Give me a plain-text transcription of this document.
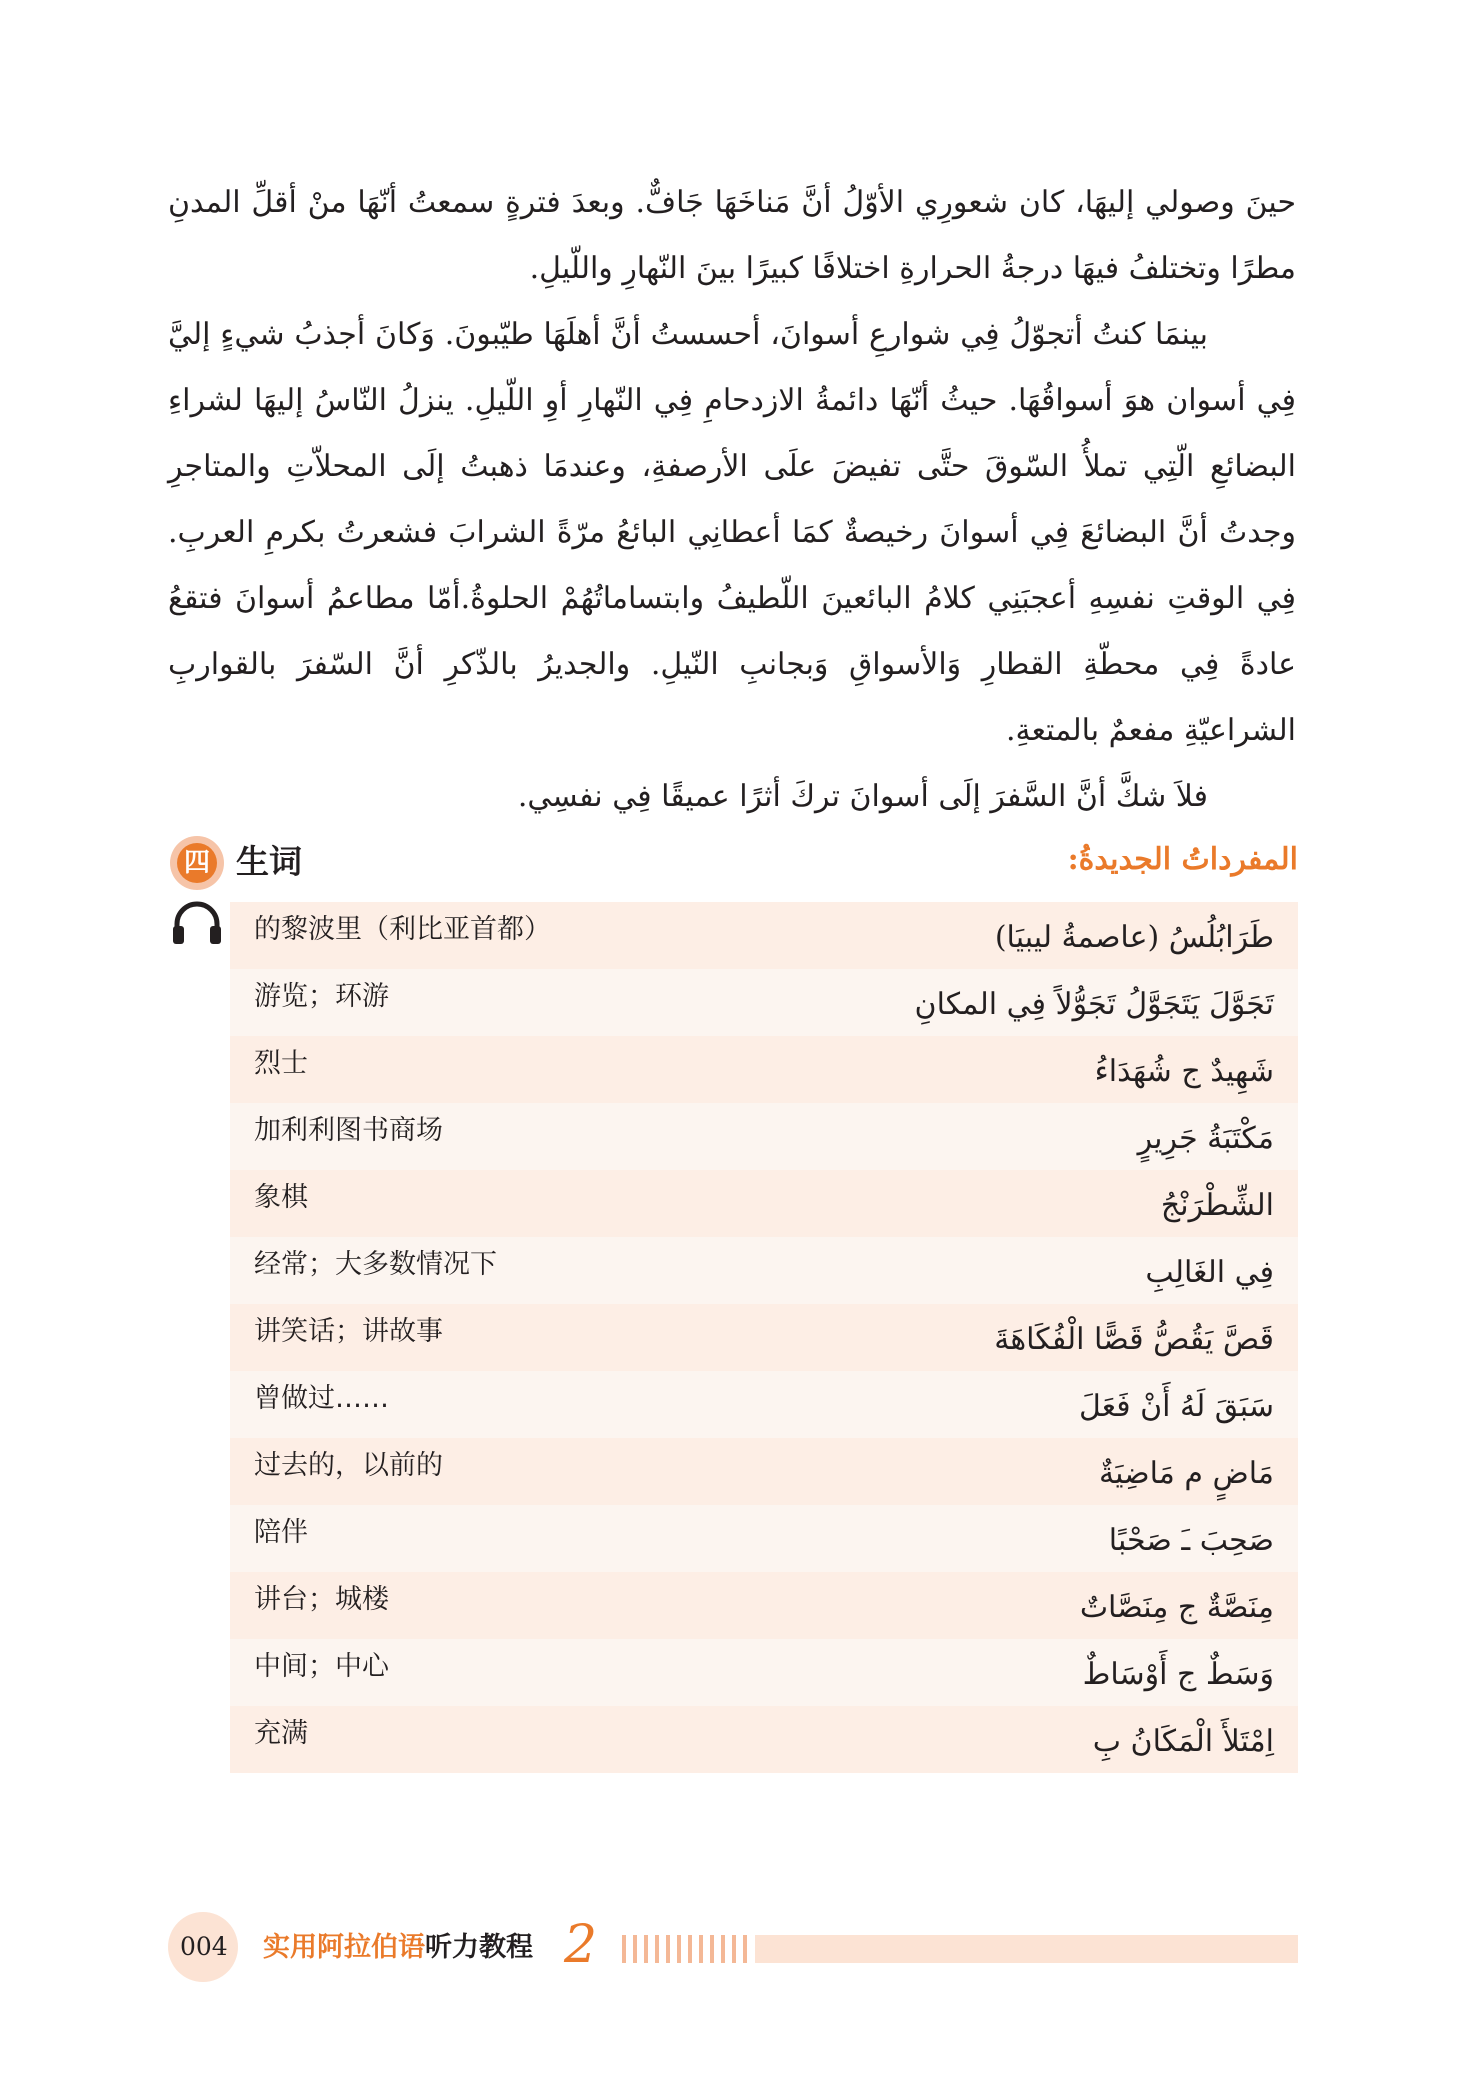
حينَ وصولي إليهَا، كان شعورِي الأوّلُ أنَّ مَناخَهَا جَافٌّ. وبعدَ فترةٍ سمعتُ أنّهَا منْ أقلِّ المدنِ مطرًا وتختلفُ فيهَا درجةُ الحرارةِ اختلافًا كبيرًا بينَ النّهارِ واللّيلِ.

بينمَا كنتُ أتجوّلُ فِي شوارعِ أسوانَ، أحسستُ أنَّ أهلَهَا طيّبونَ. وَكانَ أجذبُ شيءٍ إليَّ فِي أسوان هوَ أسواقُهَا. حيثُ أنّهَا دائمةُ الازدحامِ فِي النّهارِ أوِ اللّيلِ. ينزلُ النّاسُ إليهَا لشراءِ البضائعِ الّتِي تملأُ السّوقَ حتَّى تفيضَ علَى الأرصفةِ، وعندمَا ذهبتُ إلَى المحلاّتِ والمتاجرِ وجدتُ أنَّ البضائعَ فِي أسوانَ رخيصةٌ كمَا أعطانِي البائعُ مرّةً الشرابَ فشعرتُ بكرمِ العربِ. فِي الوقتِ نفسِهِ أعجبَنِي كلامُ البائعينَ اللّطيفُ وابتساماتُهُمْ الحلوةُ.أمّا مطاعمُ أسوانَ فتقعُ عادةً فِي محطّةِ القطارِ وَالأسواقِ وَبجانبِ النّيلِ. والجديرُ بالذّكرِ أنَّ السّفرَ بالقواربِ الشراعيّةِ مفعمٌ بالمتعةِ.

فلاَ شكَّ أنَّ السَّفرَ إلَى أسوانَ تركَ أثرًا عميقًا فِي نفسِي.

四 生词	المفرداتُ الجديدةُ:
的黎波里（利比亚首都）	طَرَابُلُسُ (عاصمةُ ليبيَا)
游览；环游	تَجَوَّلَ يَتَجَوَّلُ تَجَوُّلاً فِي المكانِ
烈士	شَهِيدٌ ج شُهَدَاءُ
加利利图书商场	مَكْتَبَةُ جَرِيرٍ
象棋	الشِّطْرَنْجُ
经常；大多数情况下	فِي الغَالِبِ
讲笑话；讲故事	قَصَّ يَقُصُّ قَصًّا الْفُكَاهَةَ
曾做过……	سَبَقَ لَهُ أَنْ فَعَلَ
过去的，以前的	مَاضٍ م مَاضِيَةٌ
陪伴	صَحِبَ ـَ صَحْبًا
讲台；城楼	مِنَصَّةٌ ج مِنَصَّاتٌ
中间；中心	وَسَطٌ ج أَوْسَاطٌ
充满	اِمْتَلأَ الْمَكَانُ بِ
004 实用阿拉伯语听力教程 2
